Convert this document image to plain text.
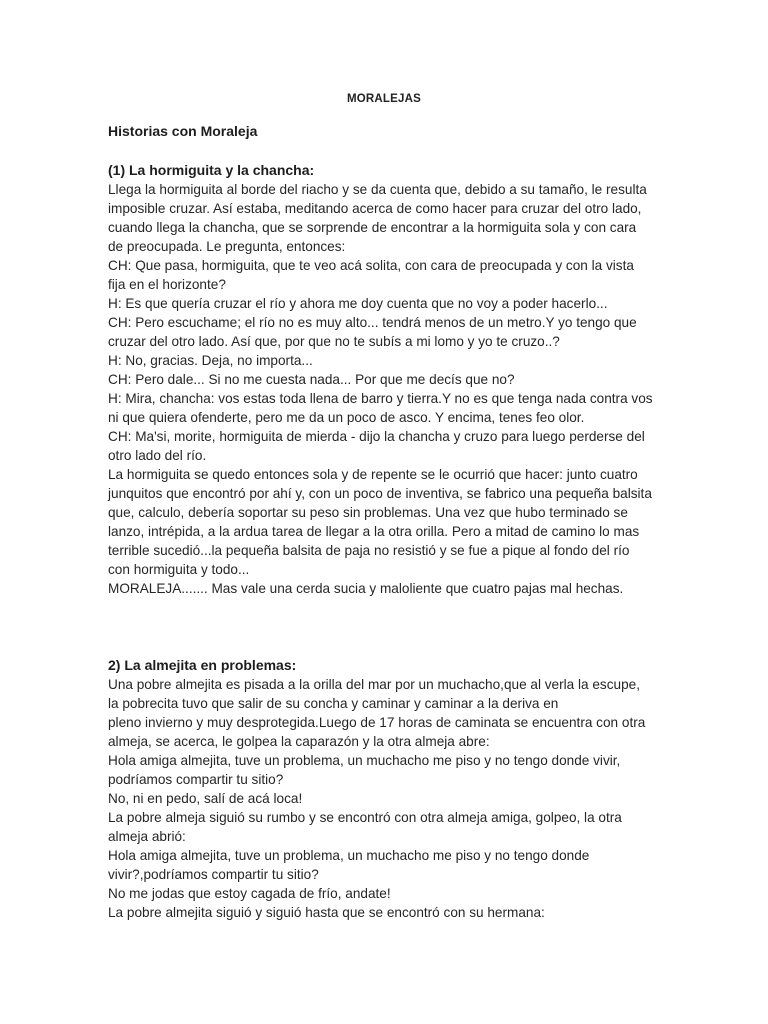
MORALEJAS
Historias con Moraleja
(1) La hormiguita y la chancha:
Llega la hormiguita al borde del riacho y se da cuenta que, debido a su tamaño, le resulta
imposible cruzar. Así estaba, meditando acerca de como hacer para cruzar del otro lado,
cuando llega la chancha, que se sorprende de encontrar a la hormiguita sola y con cara
de preocupada. Le pregunta, entonces:
CH: Que pasa, hormiguita, que te veo acá solita, con cara de preocupada y con la vista
fija en el horizonte?
H: Es que quería cruzar el río y ahora me doy cuenta que no voy a poder hacerlo...
CH: Pero escuchame; el río no es muy alto... tendrá menos de un metro.Y yo tengo que
cruzar del otro lado. Así que, por que no te subís a mi lomo y yo te cruzo..?
H: No, gracias. Deja, no importa...
CH: Pero dale... Si no me cuesta nada... Por que me decís que no?
H: Mira, chancha: vos estas toda llena de barro y tierra.Y no es que tenga nada contra vos
ni que quiera ofenderte, pero me da un poco de asco. Y encima, tenes feo olor.
CH: Ma'si, morite, hormiguita de mierda - dijo la chancha y cruzo para luego perderse del
otro lado del río.
La hormiguita se quedo entonces sola y de repente se le ocurrió que hacer: junto cuatro
junquitos que encontró por ahí y, con un poco de inventiva, se fabrico una pequeña balsita
que, calculo, debería soportar su peso sin problemas. Una vez que hubo terminado se
lanzo, intrépida, a la ardua tarea de llegar a la otra orilla. Pero a mitad de camino lo mas
terrible sucedió...la pequeña balsita de paja no resistió y se fue a pique al fondo del río
con hormiguita y todo...
MORALEJA....... Mas vale una cerda sucia y maloliente que cuatro pajas mal hechas.
2) La almejita en problemas:
Una pobre almejita es pisada a la orilla del mar por un muchacho,que al verla la escupe,
la pobrecita tuvo que salir de su concha y caminar y caminar a la deriva en
pleno invierno y muy desprotegida.Luego de 17 horas de caminata se encuentra con otra
almeja, se acerca, le golpea la caparazón y la otra almeja abre:
Hola amiga almejita, tuve un problema, un muchacho me piso y no tengo donde vivir,
podríamos compartir tu sitio?
No, ni en pedo, salí de acá loca!
La pobre almeja siguió su rumbo y se encontró con otra almeja amiga, golpeo, la otra
almeja abrió:
Hola amiga almejita, tuve un problema, un muchacho me piso y no tengo donde
vivir?,podríamos compartir tu sitio?
No me jodas que estoy cagada de frío, andate!
La pobre almejita siguió y siguió hasta que se encontró con su hermana:
